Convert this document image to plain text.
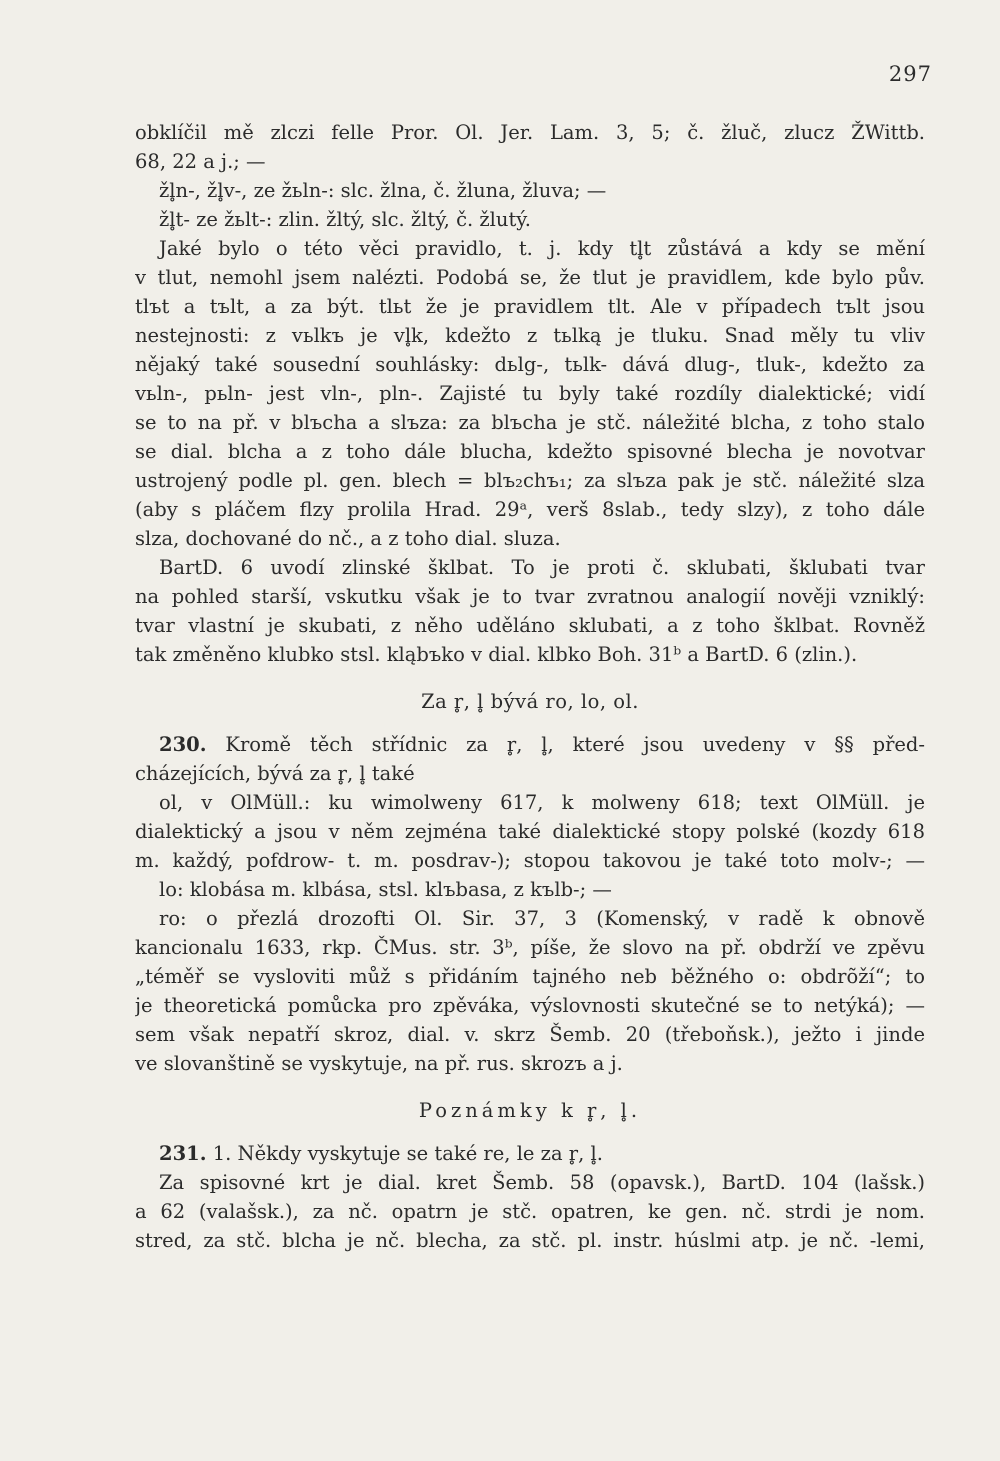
297
obklíčil mě zlczi felle Pror. Ol. Jer. Lam. 3, 5; č. žluč, zlucz ŽWittb.
68, 22 a j.; —
žl̥n-, žl̥v-, ze žьln-: slc. žlna, č. žluna, žluva; —
žl̥t- ze žьlt-: zlin. žltý, slc. žltý, č. žlutý.
Jaké bylo o této věci pravidlo, t. j. kdy tl̥t zůstává a kdy se mění
v tlut, nemohl jsem nalézti. Podobá se, že tlut je pravidlem, kde bylo pův.
tlъt a tъlt, a za být. tlьt že je pravidlem tlt. Ale v případech tъlt jsou
nestejnosti: z vьlkъ je vl̥k, kdežto z tьlką je tluku. Snad měly tu vliv
nějaký také sousední souhlásky: dьlg-, tьlk- dává dlug-, tluk-, kdežto za
vьln-, pьln- jest vln-, pln-. Zajisté tu byly také rozdíly dialektické; vidí
se to na př. v blъcha a slъza: za blъcha je stč. náležité blcha, z toho stalo
se dial. blcha a z toho dále blucha, kdežto spisovné blecha je novotvar
ustrojený podle pl. gen. blech = blъ₂chъ₁; za slъza pak je stč. náležité slza
(aby s pláčem flzy prolila Hrad. 29ᵃ, verš 8slab., tedy slzy), z toho dále
slza, dochované do nč., a z toho dial. sluza.
BartD. 6 uvodí zlinské šklbat. To je proti č. sklubati, šklubati tvar
na pohled starší, vskutku však je to tvar zvratnou analogií nověji vzniklý:
tvar vlastní je skubati, z něho uděláno sklubati, a z toho šklbat. Rovněž
tak změněno klubko stsl. kląbъko v dial. klbko Boh. 31ᵇ a BartD. 6 (zlin.).
Za r̥, l̥ bývá ro, lo, ol.
230. Kromě těch střídnic za r̥, l̥, které jsou uvedeny v §§ před-
cházejících, bývá za r̥, l̥ také
ol, v OlMüll.: ku wimolweny 617, k molweny 618; text OlMüll. je
dialektický a jsou v něm zejména také dialektické stopy polské (kozdy 618
m. každý, pofdrow- t. m. posdrav-); stopou takovou je také toto molv-; —
lo: klobása m. klbása, stsl. klъbasa, z kъlb-; —
ro: o přezlá drozofti Ol. Sir. 37, 3 (Komenský, v radě k obnově
kancionalu 1633, rkp. ČMus. str. 3ᵇ, píše, že slovo na př. obdrží ve zpěvu
„téměř se vysloviti můž s přidáním tajného neb běžného o: obdrõží“; to
je theoretická pomůcka pro zpěváka, výslovnosti skutečné se to netýká); —
sem však nepatří skroz, dial. v. skrz Šemb. 20 (třeboňsk.), ježto i jinde
ve slovanštině se vyskytuje, na př. rus. skrozъ a j.
Poznámky k r̥, l̥.
231. 1. Někdy vyskytuje se také re, le za r̥, l̥.
Za spisovné krt je dial. kret Šemb. 58 (opavsk.), BartD. 104 (lašsk.)
a 62 (valašsk.), za nč. opatrn je stč. opatren, ke gen. nč. strdi je nom.
stred, za stč. blcha je nč. blecha, za stč. pl. instr. húslmi atp. je nč. -lemi,
